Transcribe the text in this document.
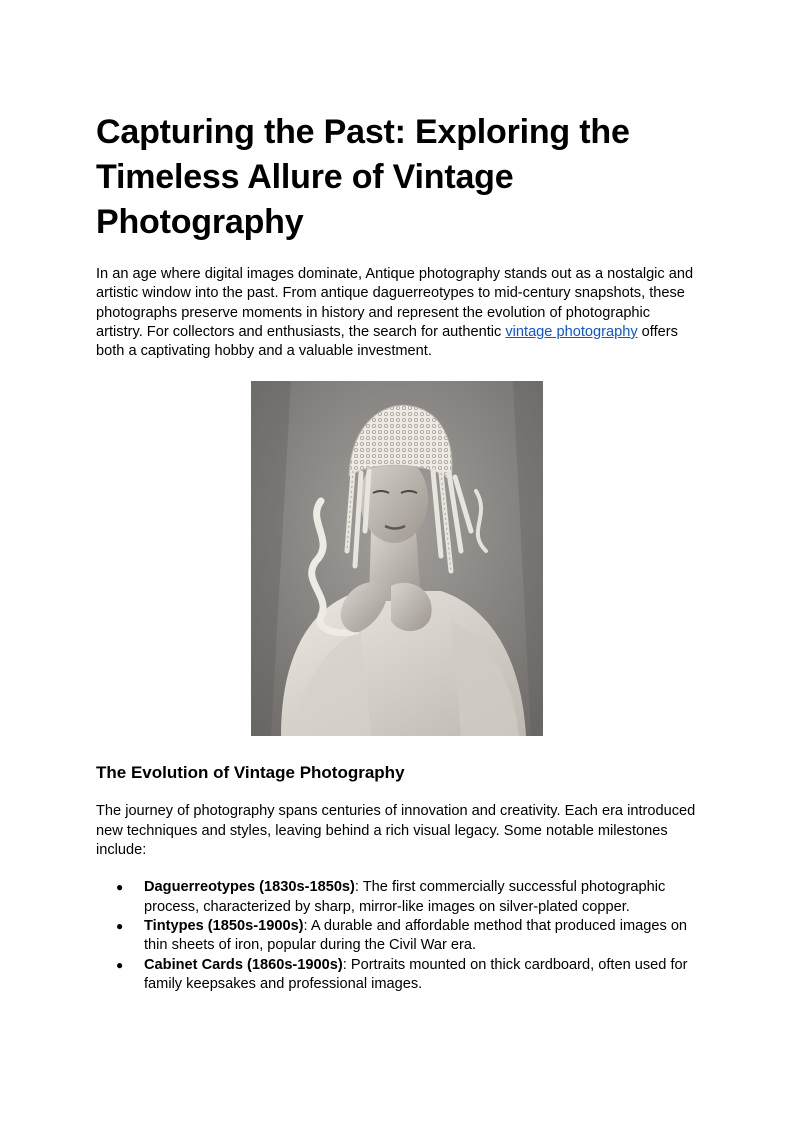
Capturing the Past: Exploring the Timeless Allure of Vintage Photography

In an age where digital images dominate, Antique photography stands out as a nostalgic and artistic window into the past. From antique daguerreotypes to mid-century snapshots, these photographs preserve moments in history and represent the evolution of photographic artistry. For collectors and enthusiasts, the search for authentic vintage photography offers both a captivating hobby and a valuable investment.

The Evolution of Vintage Photography

The journey of photography spans centuries of innovation and creativity. Each era introduced new techniques and styles, leaving behind a rich visual legacy. Some notable milestones include:

● Daguerreotypes (1830s-1850s): The first commercially successful photographic process, characterized by sharp, mirror-like images on silver-plated copper.
● Tintypes (1850s-1900s): A durable and affordable method that produced images on thin sheets of iron, popular during the Civil War era.
● Cabinet Cards (1860s-1900s): Portraits mounted on thick cardboard, often used for family keepsakes and professional images.
